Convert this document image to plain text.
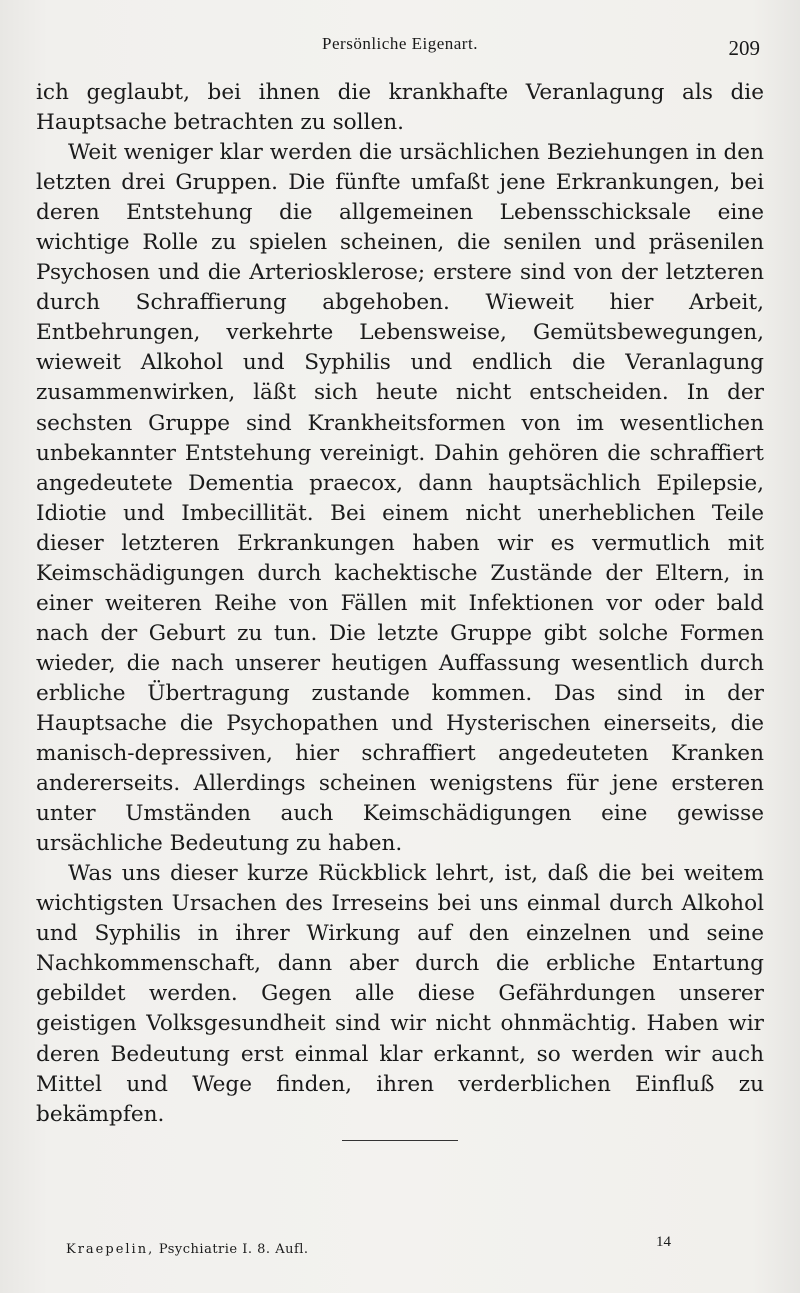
Persönliche Eigenart.	209

ich geglaubt, bei ihnen die krankhafte Veranlagung als die Hauptsache betrachten zu sollen.

Weit weniger klar werden die ursächlichen Beziehungen in den letzten drei Gruppen. Die fünfte umfaßt jene Erkrankungen, bei deren Entstehung die allgemeinen Lebensschicksale eine wichtige Rolle zu spielen scheinen, die senilen und präsenilen Psychosen und die Arteriosklerose; erstere sind von der letzteren durch Schraffierung abgehoben. Wieweit hier Arbeit, Entbehrungen, verkehrte Lebensweise, Gemütsbewegungen, wieweit Alkohol und Syphilis und endlich die Veranlagung zusammenwirken, läßt sich heute nicht entscheiden. In der sechsten Gruppe sind Krankheitsformen von im wesentlichen unbekannter Entstehung vereinigt. Dahin gehören die schraffiert angedeutete Dementia praecox, dann hauptsächlich Epilepsie, Idiotie und Imbecillität. Bei einem nicht unerheblichen Teile dieser letzteren Erkrankungen haben wir es vermutlich mit Keimschädigungen durch kachektische Zustände der Eltern, in einer weiteren Reihe von Fällen mit Infektionen vor oder bald nach der Geburt zu tun. Die letzte Gruppe gibt solche Formen wieder, die nach unserer heutigen Auffassung wesentlich durch erbliche Übertragung zustande kommen. Das sind in der Hauptsache die Psychopathen und Hysterischen einerseits, die manisch-depressiven, hier schraffiert angedeuteten Kranken andererseits. Allerdings scheinen wenigstens für jene ersteren unter Umständen auch Keimschädigungen eine gewisse ursächliche Bedeutung zu haben.

Was uns dieser kurze Rückblick lehrt, ist, daß die bei weitem wichtigsten Ursachen des Irreseins bei uns einmal durch Alkohol und Syphilis in ihrer Wirkung auf den einzelnen und seine Nachkommenschaft, dann aber durch die erbliche Entartung gebildet werden. Gegen alle diese Gefährdungen unserer geistigen Volksgesundheit sind wir nicht ohnmächtig. Haben wir deren Bedeutung erst einmal klar erkannt, so werden wir auch Mittel und Wege finden, ihren verderblichen Einfluß zu bekämpfen.

Kraepelin, Psychiatrie I. 8. Aufl.	14
